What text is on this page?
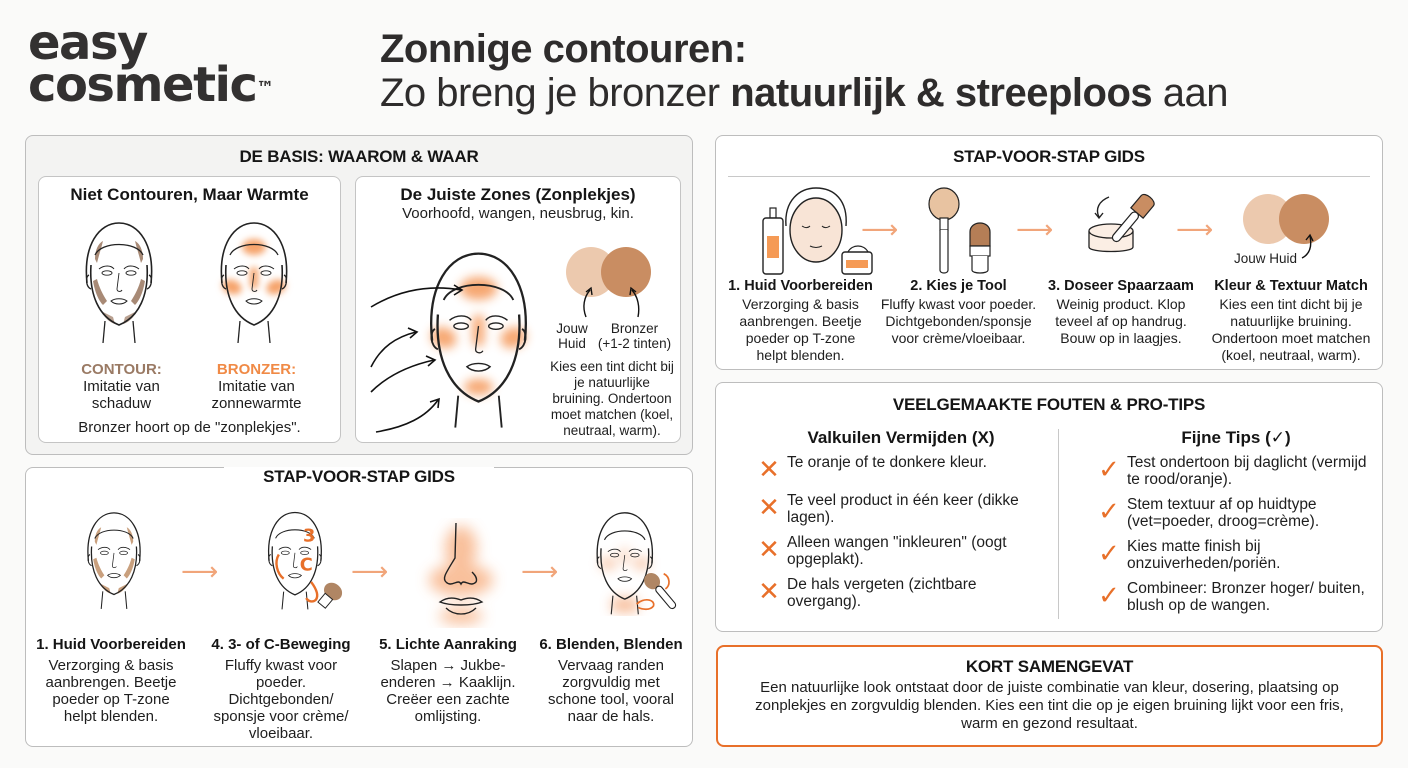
easy
cosmetic™
Zonnige contouren:
Zo breng je bronzer natuurlijk & streeploos aan
DE BASIS: WAAROM & WAAR
Niet Contouren, Maar Warmte
CONTOUR:
Imitatie van
schaduw
BRONZER:
Imitatie van
zonnewarmte
Bronzer hoort op de "zonplekjes".
De Juiste Zones (Zonplekjes)
Voorhoofd, wangen, neusbrug, kin.
Jouw
Huid
Bronzer
(+1-2 tinten)
Kies een tint dicht bij je natuurlijke bruining. Ondertoon moet matchen (koel, neutraal, warm).
STAP-VOOR-STAP GIDS
⟶
3
C ⟶	⟶
1. Huid Voorbereiden
Verzorging & basis aanbrengen. Beetje poeder op T-zone helpt blenden.
4. 3- of C-Beweging
Fluffy kwast voor poeder. Dichtgebonden/ sponsje voor crème/ vloeibaar.
5. Lichte Aanraking
Slapen → Jukbe-enderen → Kaaklijn. Creëer een zachte omlijsting.
6. Blenden, Blenden
Vervaag randen zorgvuldig met schone tool, vooral naar de hals.
STAP-VOOR-STAP GIDS
⟶	⟶	⟶
Jouw Huid
1. Huid Voorbereiden
Verzorging & basis aanbrengen. Beetje poeder op T-zone helpt blenden.
2. Kies je Tool
Fluffy kwast voor poeder. Dichtgebonden/sponsje voor crème/vloeibaar.
3. Doseer Spaarzaam
Weinig product. Klop teveel af op handrug. Bouw op in laagjes.
Kleur & Textuur Match
Kies een tint dicht bij je natuurlijke bruining. Ondertoon moet matchen (koel, neutraal, warm).
VEELGEMAAKTE FOUTEN & PRO-TIPS
Valkuilen Vermijden (X)
✕ Te oranje of te donkere kleur.
✕ Te veel product in één keer (dikke lagen).
✕ Alleen wangen "inkleuren" (oogt opgeplakt).
✕ De hals vergeten (zichtbare overgang).
Fijne Tips (✓)
✓ Test ondertoon bij daglicht (vermijd te rood/oranje).
✓ Stem textuur af op huidtype (vet=poeder, droog=crème).
✓ Kies matte finish bij onzuiverheden/poriën.
✓ Combineer: Bronzer hoger/ buiten, blush op de wangen.
KORT SAMENGEVAT
Een natuurlijke look ontstaat door de juiste combinatie van kleur, dosering, plaatsing op zonplekjes en zorgvuldig blenden. Kies een tint die op je eigen bruining lijkt voor een fris, warm en gezond resultaat.
